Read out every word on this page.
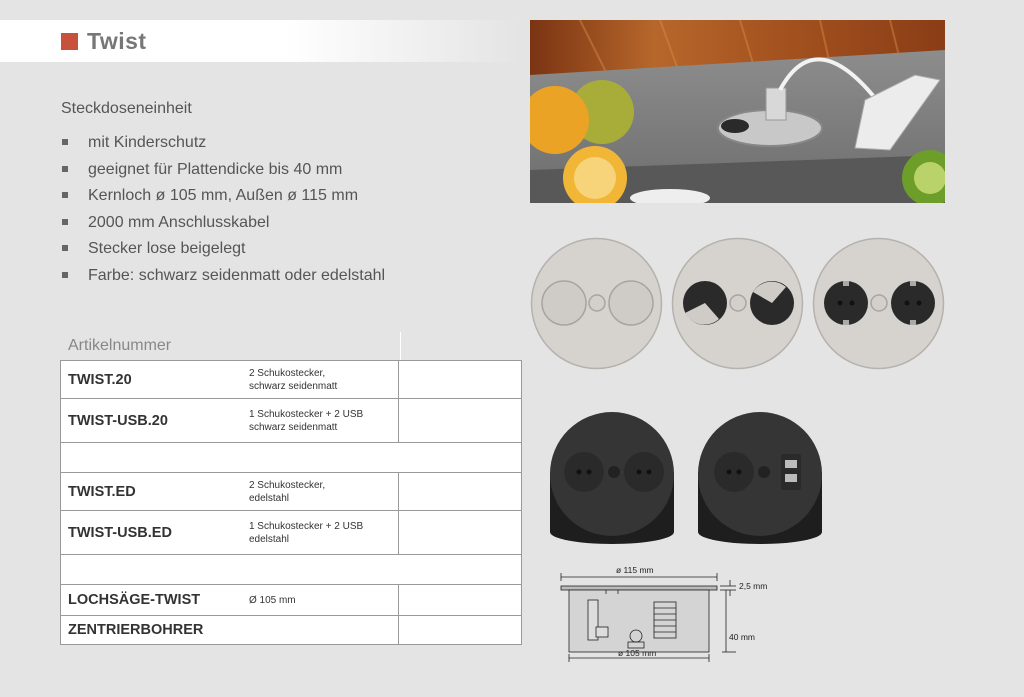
Twist
Steckdoseneinheit
mit Kinderschutz
geeignet für Plattendicke bis 40 mm
Kernloch ø 105 mm, Außen ø 115 mm
2000 mm Anschlusskabel
Stecker lose beigelegt
Farbe: schwarz seidenmatt oder edelstahl
Artikelnummer
TWIST.20	2 Schukostecker,
schwarz seidenmatt	
TWIST-USB.20	1 Schukostecker + 2 USB
schwarz seidenmatt	

TWIST.ED	2 Schukostecker,
edelstahl	
TWIST-USB.ED	1 Schukostecker + 2 USB
edelstahl	

LOCHSÄGE-TWIST	Ø 105 mm	
ZENTRIERBOHRER		
ø 115 mm
2,5 mm
40 mm
ø 105 mm
